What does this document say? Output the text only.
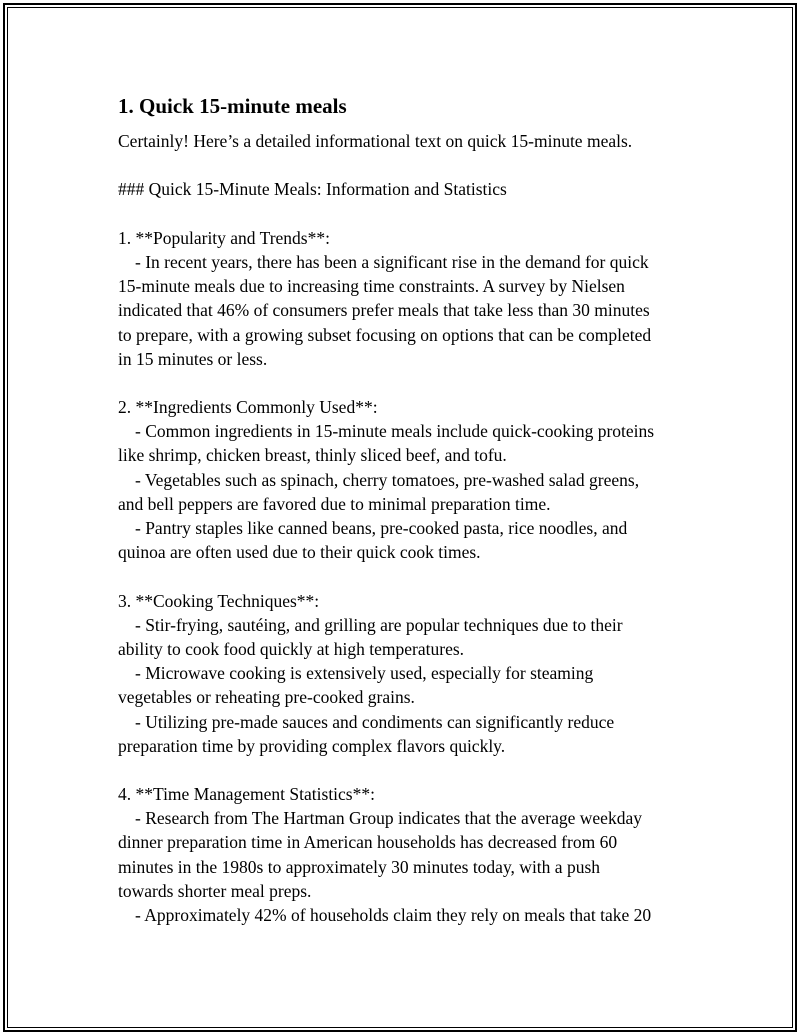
1. Quick 15-minute meals
Certainly! Here’s a detailed informational text on quick 15-minute meals.
### Quick 15-Minute Meals: Information and Statistics
1. **Popularity and Trends**:
- In recent years, there has been a significant rise in the demand for quick
15-minute meals due to increasing time constraints. A survey by Nielsen
indicated that 46% of consumers prefer meals that take less than 30 minutes
to prepare, with a growing subset focusing on options that can be completed
in 15 minutes or less.
2. **Ingredients Commonly Used**:
- Common ingredients in 15-minute meals include quick-cooking proteins
like shrimp, chicken breast, thinly sliced beef, and tofu.
- Vegetables such as spinach, cherry tomatoes, pre-washed salad greens,
and bell peppers are favored due to minimal preparation time.
- Pantry staples like canned beans, pre-cooked pasta, rice noodles, and
quinoa are often used due to their quick cook times.
3. **Cooking Techniques**:
- Stir-frying, sautéing, and grilling are popular techniques due to their
ability to cook food quickly at high temperatures.
- Microwave cooking is extensively used, especially for steaming
vegetables or reheating pre-cooked grains.
- Utilizing pre-made sauces and condiments can significantly reduce
preparation time by providing complex flavors quickly.
4. **Time Management Statistics**:
- Research from The Hartman Group indicates that the average weekday
dinner preparation time in American households has decreased from 60
minutes in the 1980s to approximately 30 minutes today, with a push
towards shorter meal preps.
- Approximately 42% of households claim they rely on meals that take 20
